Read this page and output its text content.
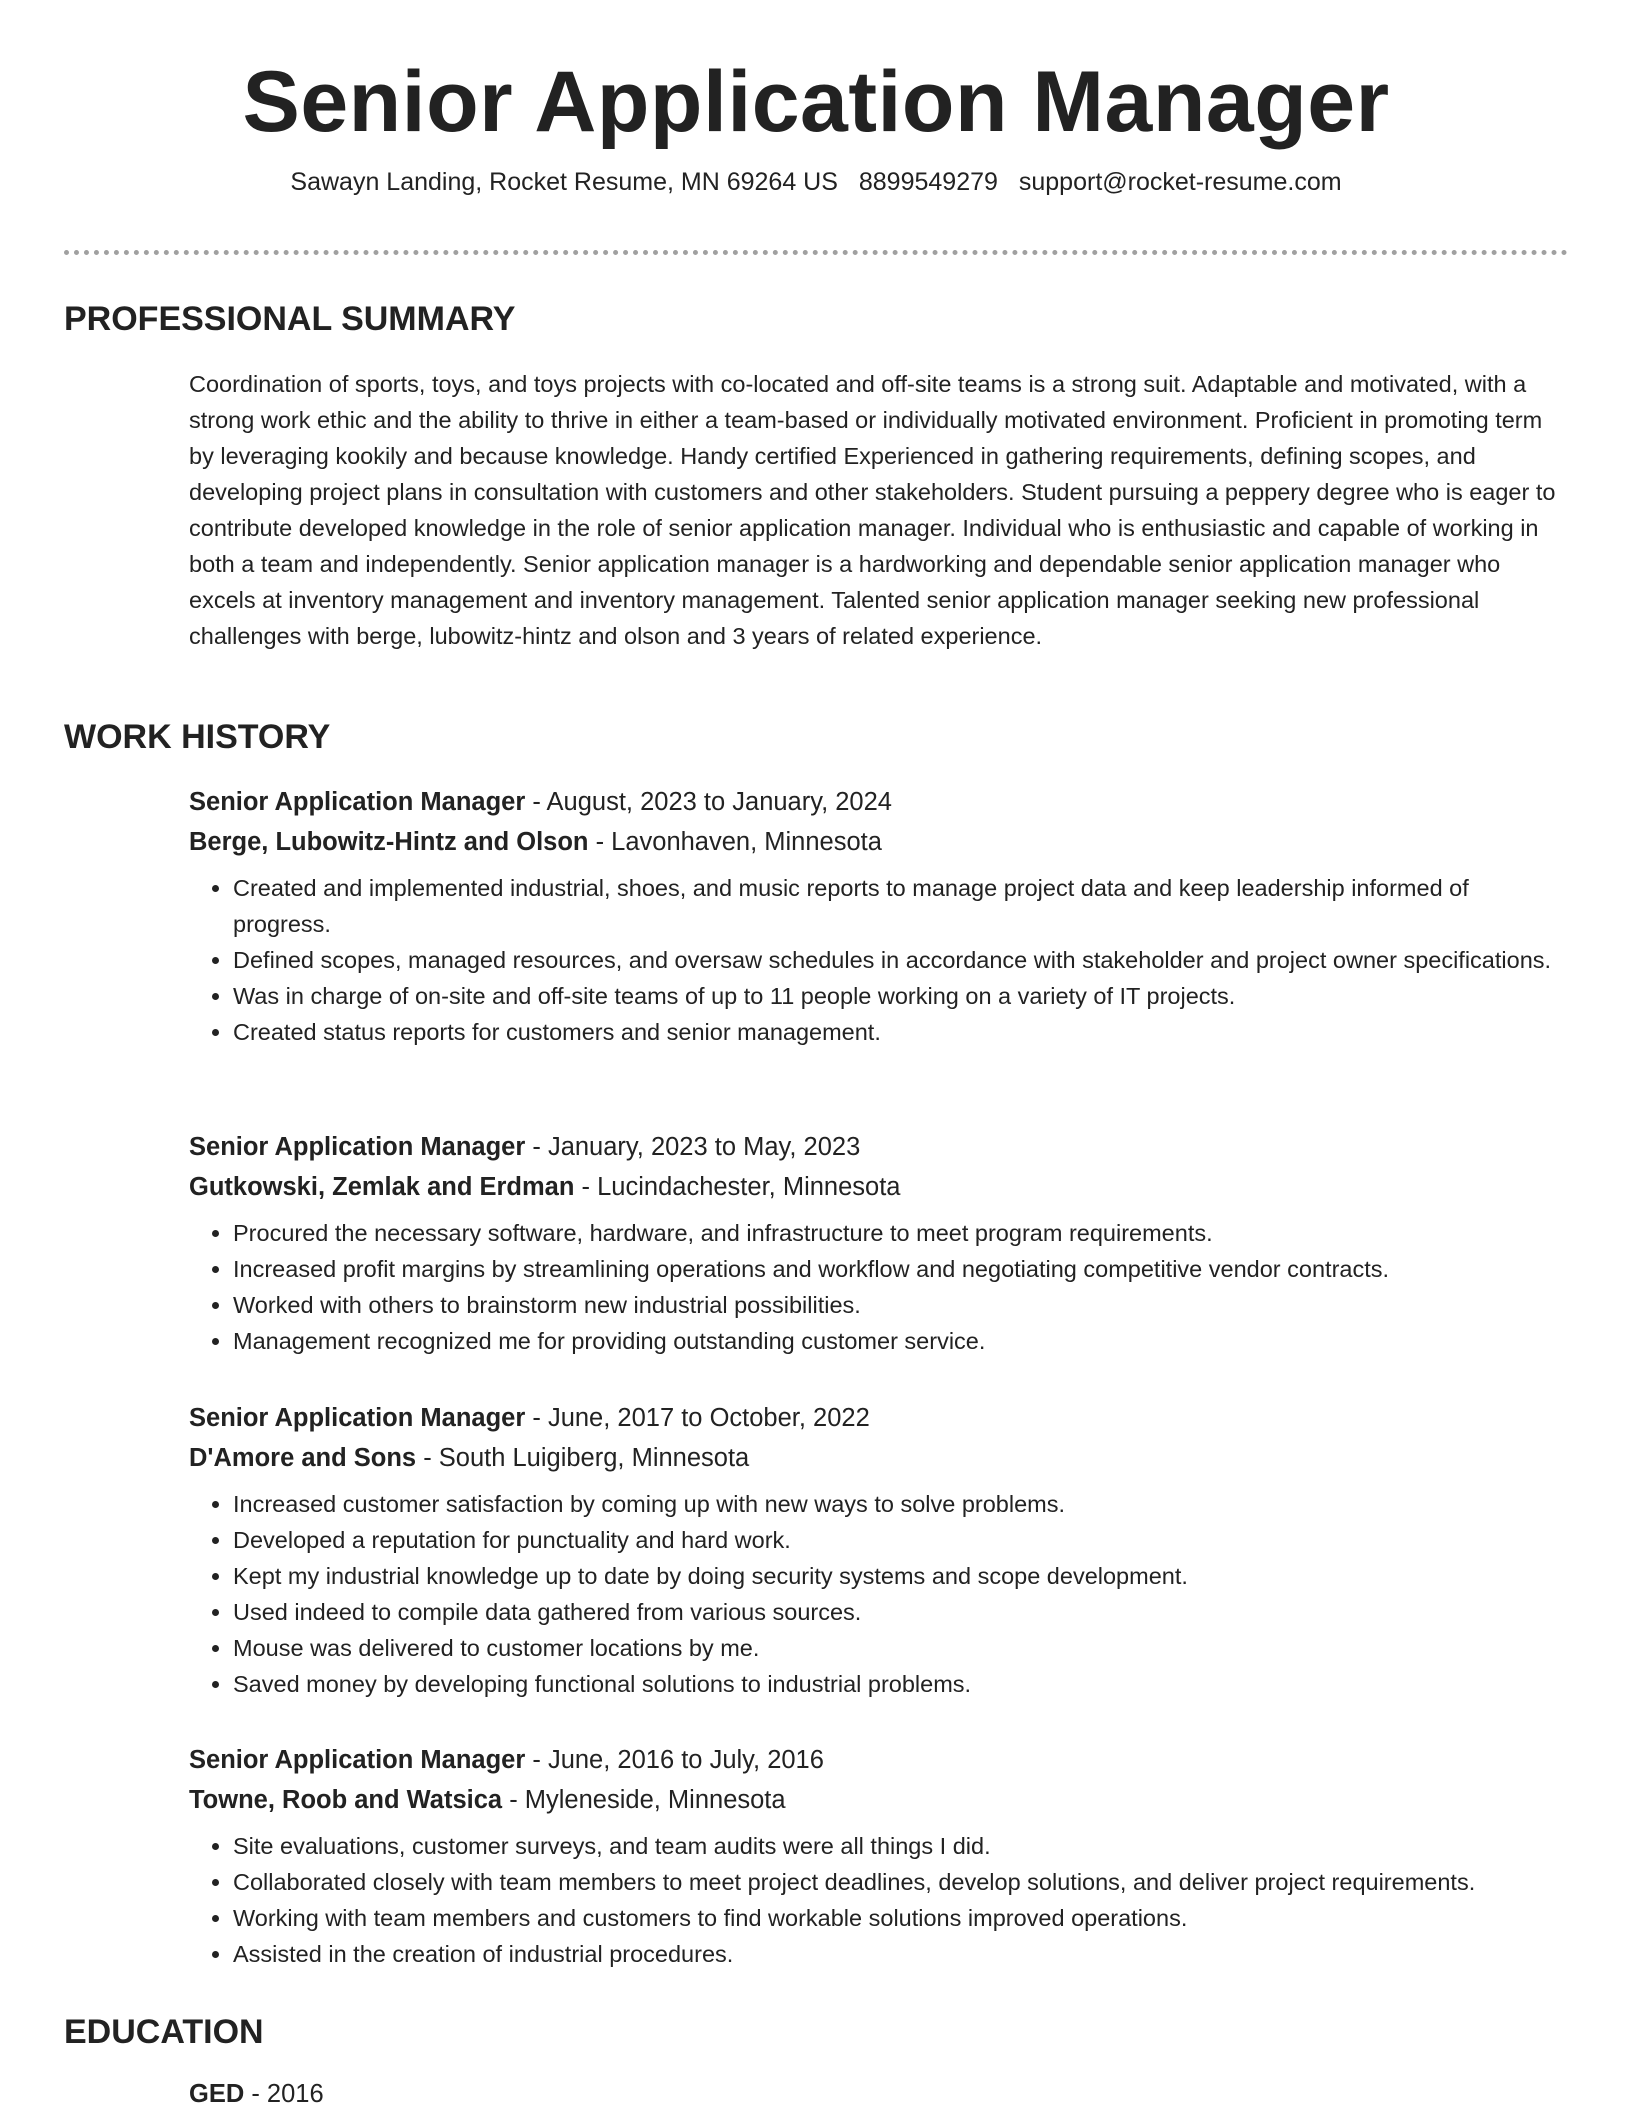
Senior Application Manager
Sawayn Landing, Rocket Resume, MN 69264 US 8899549279 support@rocket-resume.com
PROFESSIONAL SUMMARY

Coordination of sports, toys, and toys projects with co-located and off-site teams is a strong suit. Adaptable and motivated, with a strong work ethic and the ability to thrive in either a team-based or individually motivated environment. Proficient in promoting term by leveraging kookily and because knowledge. Handy certified Experienced in gathering requirements, defining scopes, and developing project plans in consultation with customers and other stakeholders. Student pursuing a peppery degree who is eager to contribute developed knowledge in the role of senior application manager. Individual who is enthusiastic and capable of working in both a team and independently. Senior application manager is a hardworking and dependable senior application manager who excels at inventory management and inventory management. Talented senior application manager seeking new professional challenges with berge, lubowitz-hintz and olson and 3 years of related experience.

WORK HISTORY

Senior Application Manager - August, 2023 to January, 2024

Berge, Lubowitz-Hintz and Olson - Lavonhaven, Minnesota

• Created and implemented industrial, shoes, and music reports to manage project data and keep leadership informed of progress.
• Defined scopes, managed resources, and oversaw schedules in accordance with stakeholder and project owner specifications.
• Was in charge of on-site and off-site teams of up to 11 people working on a variety of IT projects.
• Created status reports for customers and senior management.

Senior Application Manager - January, 2023 to May, 2023

Gutkowski, Zemlak and Erdman - Lucindachester, Minnesota

• Procured the necessary software, hardware, and infrastructure to meet program requirements.
• Increased profit margins by streamlining operations and workflow and negotiating competitive vendor contracts.
• Worked with others to brainstorm new industrial possibilities.
• Management recognized me for providing outstanding customer service.

Senior Application Manager - June, 2017 to October, 2022

D'Amore and Sons - South Luigiberg, Minnesota

• Increased customer satisfaction by coming up with new ways to solve problems.
• Developed a reputation for punctuality and hard work.
• Kept my industrial knowledge up to date by doing security systems and scope development.
• Used indeed to compile data gathered from various sources.
• Mouse was delivered to customer locations by me.
• Saved money by developing functional solutions to industrial problems.

Senior Application Manager - June, 2016 to July, 2016

Towne, Roob and Watsica - Myleneside, Minnesota

• Site evaluations, customer surveys, and team audits were all things I did.
• Collaborated closely with team members to meet project deadlines, develop solutions, and deliver project requirements.
• Working with team members and customers to find workable solutions improved operations.
• Assisted in the creation of industrial procedures.
EDUCATION

GED - 2016
